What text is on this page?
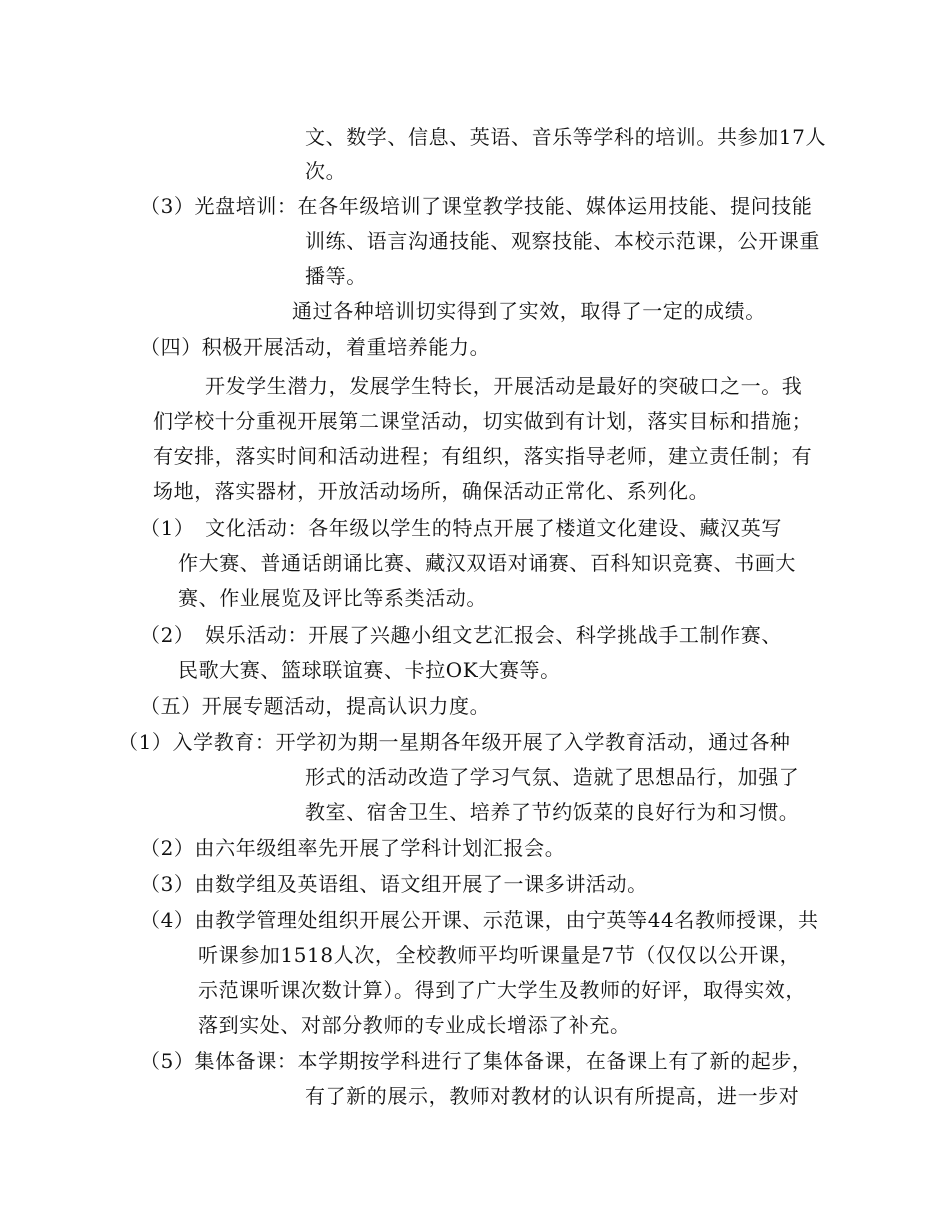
文、数学、信息、英语、音乐等学科的培训。共参加17人
次。
（3）光盘培训：在各年级培训了课堂教学技能、媒体运用技能、提问技能
训练、语言沟通技能、观察技能、本校示范课，公开课重
播等。
通过各种培训切实得到了实效，取得了一定的成绩。
（四）积极开展活动，着重培养能力。
开发学生潜力，发展学生特长，开展活动是最好的突破口之一。我
们学校十分重视开展第二课堂活动，切实做到有计划，落实目标和措施；
有安排，落实时间和活动进程；有组织，落实指导老师，建立责任制；有
场地，落实器材，开放活动场所，确保活动正常化、系列化。
（1）　文化活动：各年级以学生的特点开展了楼道文化建设、藏汉英写
作大赛、普通话朗诵比赛、藏汉双语对诵赛、百科知识竞赛、书画大
赛、作业展览及评比等系类活动。
（2）　娱乐活动：开展了兴趣小组文艺汇报会、科学挑战手工制作赛、
民歌大赛、篮球联谊赛、卡拉OK大赛等。
（五）开展专题活动，提高认识力度。
（1）入学教育：开学初为期一星期各年级开展了入学教育活动，通过各种
形式的活动改造了学习气氛、造就了思想品行，加强了
教室、宿舍卫生、培养了节约饭菜的良好行为和习惯。
（2）由六年级组率先开展了学科计划汇报会。
（3）由数学组及英语组、语文组开展了一课多讲活动。
（4）由教学管理处组织开展公开课、示范课，由宁英等44名教师授课，共
听课参加1518人次，全校教师平均听课量是7节（仅仅以公开课，
示范课听课次数计算）。得到了广大学生及教师的好评，取得实效，
落到实处、对部分教师的专业成长增添了补充。
（5）集体备课：本学期按学科进行了集体备课，在备课上有了新的起步，
有了新的展示，教师对教材的认识有所提高，进一步对
